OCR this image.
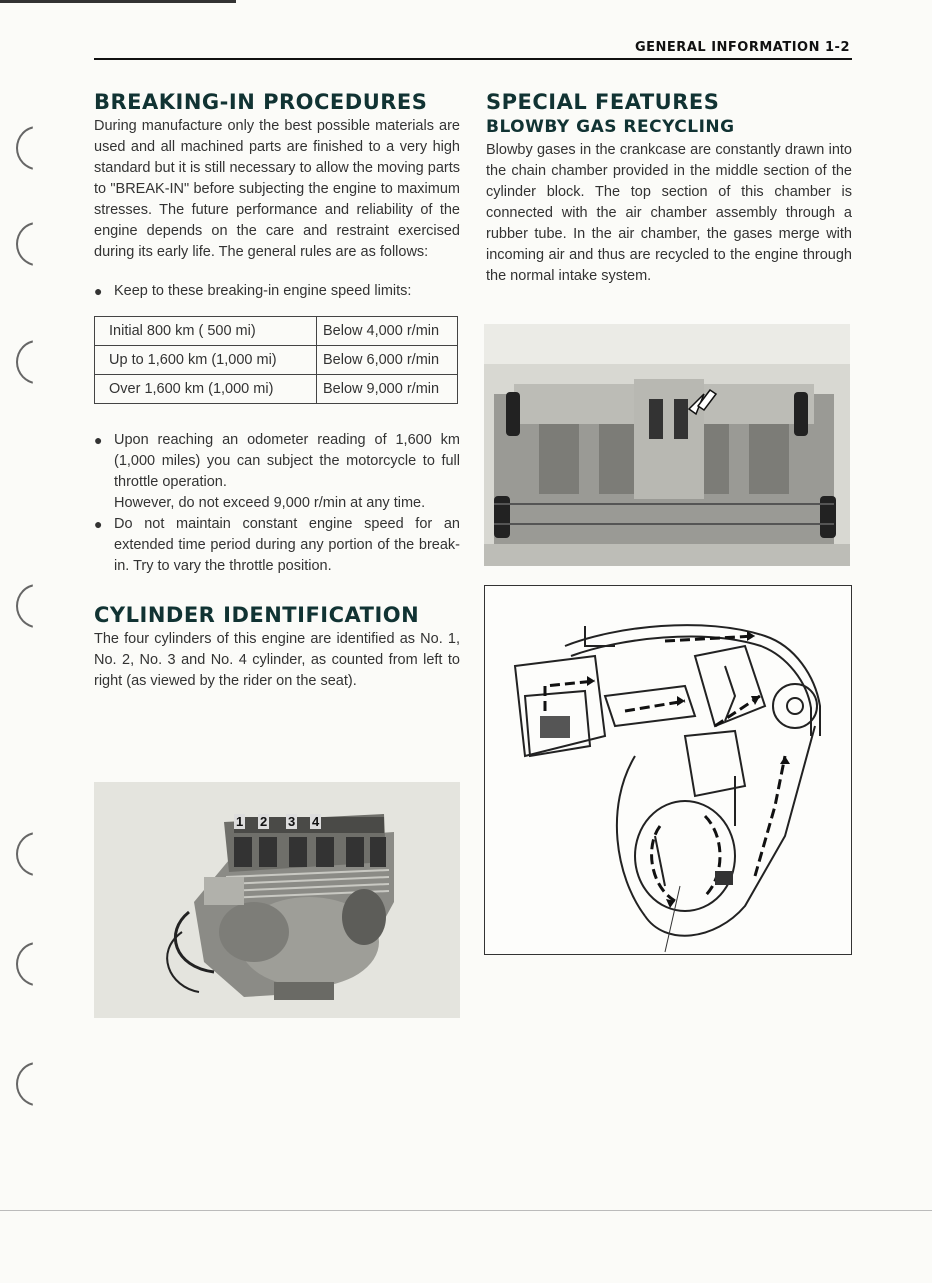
GENERAL INFORMATION 1-2
BREAKING-IN PROCEDURES

During manufacture only the best possible materials are used and all machined parts are finished to a very high standard but it is still necessary to allow the moving parts to "BREAK-IN" before subjecting the engine to maximum stresses. The future performance and reliability of the engine depends on the care and restraint exercised during its early life. The general rules are as follows:

● Keep to these breaking-in engine speed limits:
Initial 800 km ( 500 mi)	Below 4,000 r/min
Up to 1,600 km (1,000 mi)	Below 6,000 r/min
Over 1,600 km (1,000 mi)	Below 9,000 r/min
● Upon reaching an odometer reading of 1,600 km (1,000 miles) you can subject the motorcycle to full throttle operation.
However, do not exceed 9,000 r/min at any time.
● Do not maintain constant engine speed for an extended time period during any portion of the break-in. Try to vary the throttle position.
CYLINDER IDENTIFICATION

The four cylinders of this engine are identified as No. 1, No. 2, No. 3 and No. 4 cylinder, as counted from left to right (as viewed by the rider on the seat).

1 2 3 4
SPECIAL FEATURES
BLOWBY GAS RECYCLING

Blowby gases in the crankcase are constantly drawn into the chain chamber provided in the middle section of the cylinder block. The top section of this chamber is connected with the air chamber assembly through a rubber tube. In the air chamber, the gases merge with incoming air and thus are recycled to the engine through the normal intake system.
